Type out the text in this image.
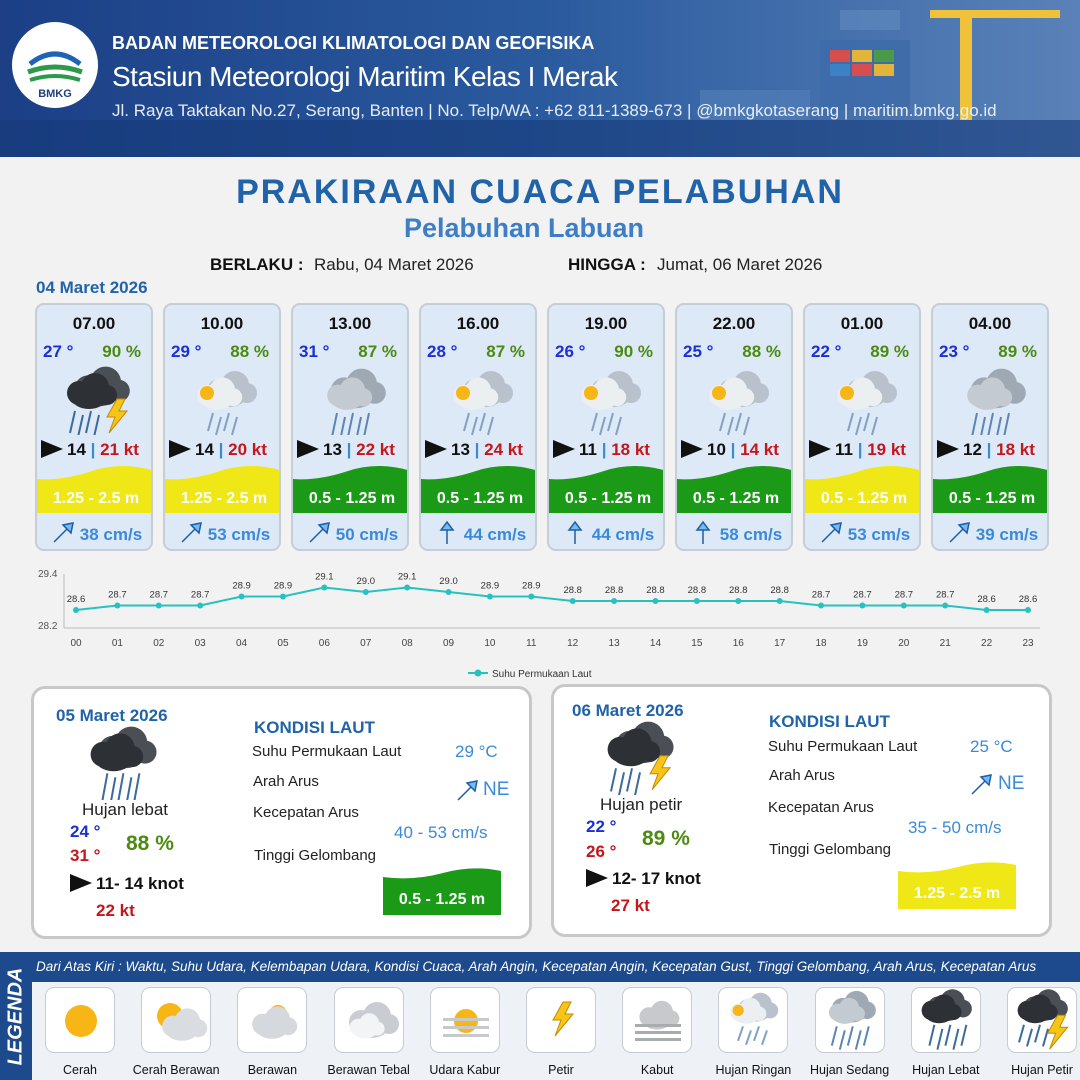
BMKG
BADAN METEOROLOGI KLIMATOLOGI DAN GEOFISIKA
Stasiun Meteorologi Maritim Kelas I Merak
Jl. Raya Taktakan No.27, Serang, Banten | No. Telp/WA : +62 811-1389-673 | @bmkgkotaserang | maritim.bmkg.go.id
PRAKIRAAN CUACA PELABUHAN
Pelabuhan Labuan
BERLAKU : Rabu, 04 Maret 2026	HINGGA : Jumat, 06 Maret 2026
04 Maret 2026
07.00
27 ° 90 %
14 | 21 kt
1.25 - 2.5 m
38 cm/s
10.00
29 ° 88 %
14 | 20 kt
1.25 - 2.5 m
53 cm/s
13.00
31 ° 87 %
13 | 22 kt
0.5 - 1.25 m
50 cm/s
16.00
28 ° 87 %
13 | 24 kt
0.5 - 1.25 m
44 cm/s
19.00
26 ° 90 %
11 | 18 kt
0.5 - 1.25 m
44 cm/s
22.00
25 ° 88 %
10 | 14 kt
0.5 - 1.25 m
58 cm/s
01.00
22 ° 89 %
11 | 19 kt
0.5 - 1.25 m
53 cm/s
04.00
23 ° 89 %
12 | 18 kt
0.5 - 1.25 m
39 cm/s
29.4
28.2
28.6
00
28.7
01
28.7
02
28.7
03
28.9
04
28.9
05
29.1
06
29.0
07
29.1
08
29.0
09
28.9
10
28.9
11
28.8
12
28.8
13
28.8
14
28.8
15
28.8
16
28.8
17
28.7
18
28.7
19
28.7
20
28.7
21
28.6
22
28.6
23
Suhu Permukaan Laut
05 Maret 2026
Hujan lebat
24 °
31 °
88 %
11- 14 knot
22 kt
KONDISI LAUT
Suhu Permukaan Laut	29 °C
Arah Arus	NE
Kecepatan Arus
40 - 53 cm/s
Tinggi Gelombang
0.5 - 1.25 m
06 Maret 2026
Hujan petir
22 °
26 °
89 %
12- 17 knot
27 kt
KONDISI LAUT
Suhu Permukaan Laut	25 °C
Arah Arus	NE
Kecepatan Arus
35 - 50 cm/s
Tinggi Gelombang
1.25 - 2.5 m
LEGENDA
Dari Atas Kiri : Waktu, Suhu Udara, Kelembapan Udara, Kondisi Cuaca, Arah Angin, Kecepatan Angin, Kecepatan Gust, Tinggi Gelombang, Arah Arus, Kecepatan Arus
Cerah	Cerah Berawan	Berawan	Berawan Tebal	Udara Kabur	Petir	Kabut	Hujan Ringan	Hujan Sedang	Hujan Lebat	Hujan Petir
